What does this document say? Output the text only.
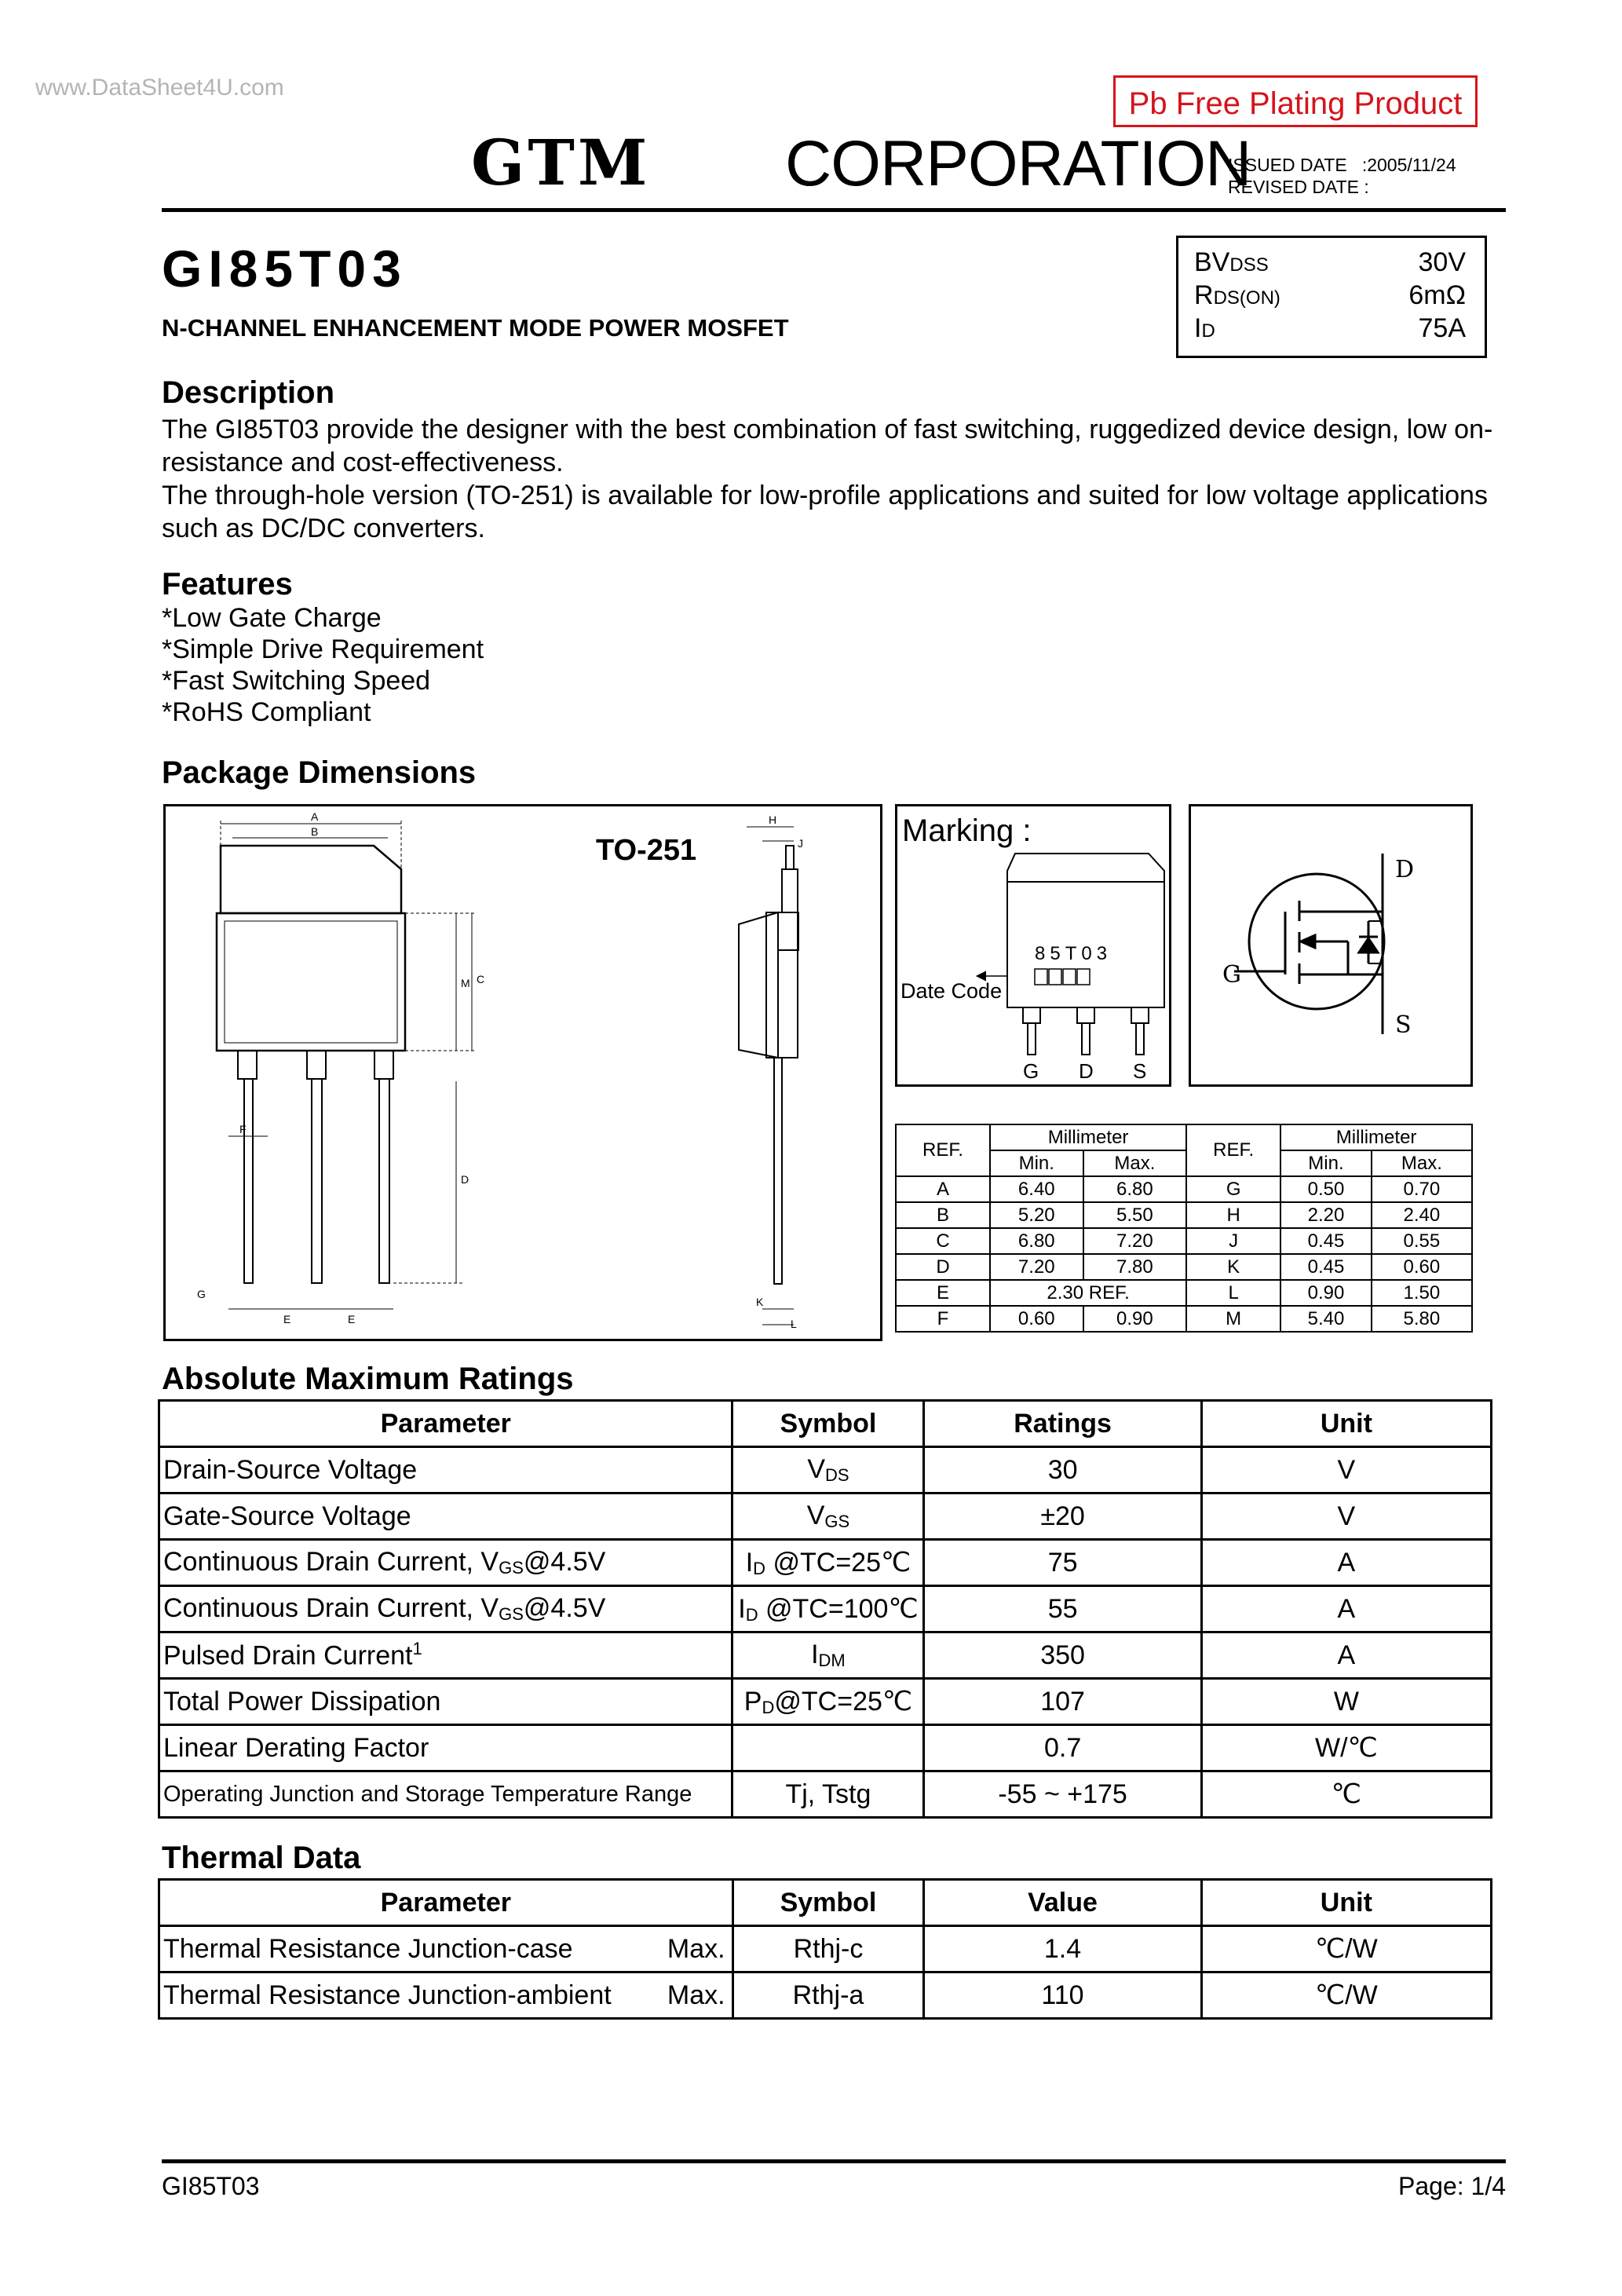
www.DataSheet4U.com	Pb Free Plating Product
GTM CORPORATION
ISSUED DATE :2005/11/24
REVISED DATE :
GI85T03
N-CHANNEL ENHANCEMENT MODE POWER MOSFET
BVDSS	30V
RDS(ON)	6mΩ
ID	75A
Description

The GI85T03 provide the designer with the best combination of fast switching, ruggedized device design, low on-resistance and cost-effectiveness.

The through-hole version (TO-251) is available for low-profile applications and suited for low voltage applications such as DC/DC converters.

Features
*Low Gate Charge
*Simple Drive Requirement
*Fast Switching Speed
*RoHS Compliant
Package Dimensions
A
B
C
M
D
F
G
E	E
H
J
K
L
TO-251
Marking :
85T03
Date Code
G D S
D
G
S
REF.	Millimeter		REF.	Millimeter	
	Min.	Max.		Min.	Max.
A	6.40	6.80	G	0.50	0.70
B	5.20	5.50	H	2.20	2.40
C	6.80	7.20	J	0.45	0.55
D	7.20	7.80	K	0.45	0.60
E	2.30 REF.		L	0.90	1.50
F	0.60	0.90	M	5.40	5.80
Absolute Maximum Ratings
Parameter	Symbol	Ratings	Unit
Drain-Source Voltage	$V_{DS}$	30	V
Gate-Source Voltage	$V_{GS}$	±20	V
Continuous Drain Current, $V_{GS}@4.5V$	$I_D$ @TC=25℃	75	A
Continuous Drain Current, $V_{GS}@4.5V$	$I_D$ @TC=100℃	55	A
Pulsed Drain Current$^1$	$I_{DM}$	350	A
Total Power Dissipation	$P_D@TC=25℃$	107	W
Linear Derating Factor		0.7	W/℃
Operating Junction and Storage Temperature Range	Tj, Tstg	-55 ~ +175	℃
Thermal Data
Parameter	Symbol	Value	Unit
Thermal Resistance Junction-case Max.	Rthj-c	1.4	℃/W
Thermal Resistance Junction-ambient Max.	Rthj-a	110	℃/W
GI85T03	Page: 1/4
